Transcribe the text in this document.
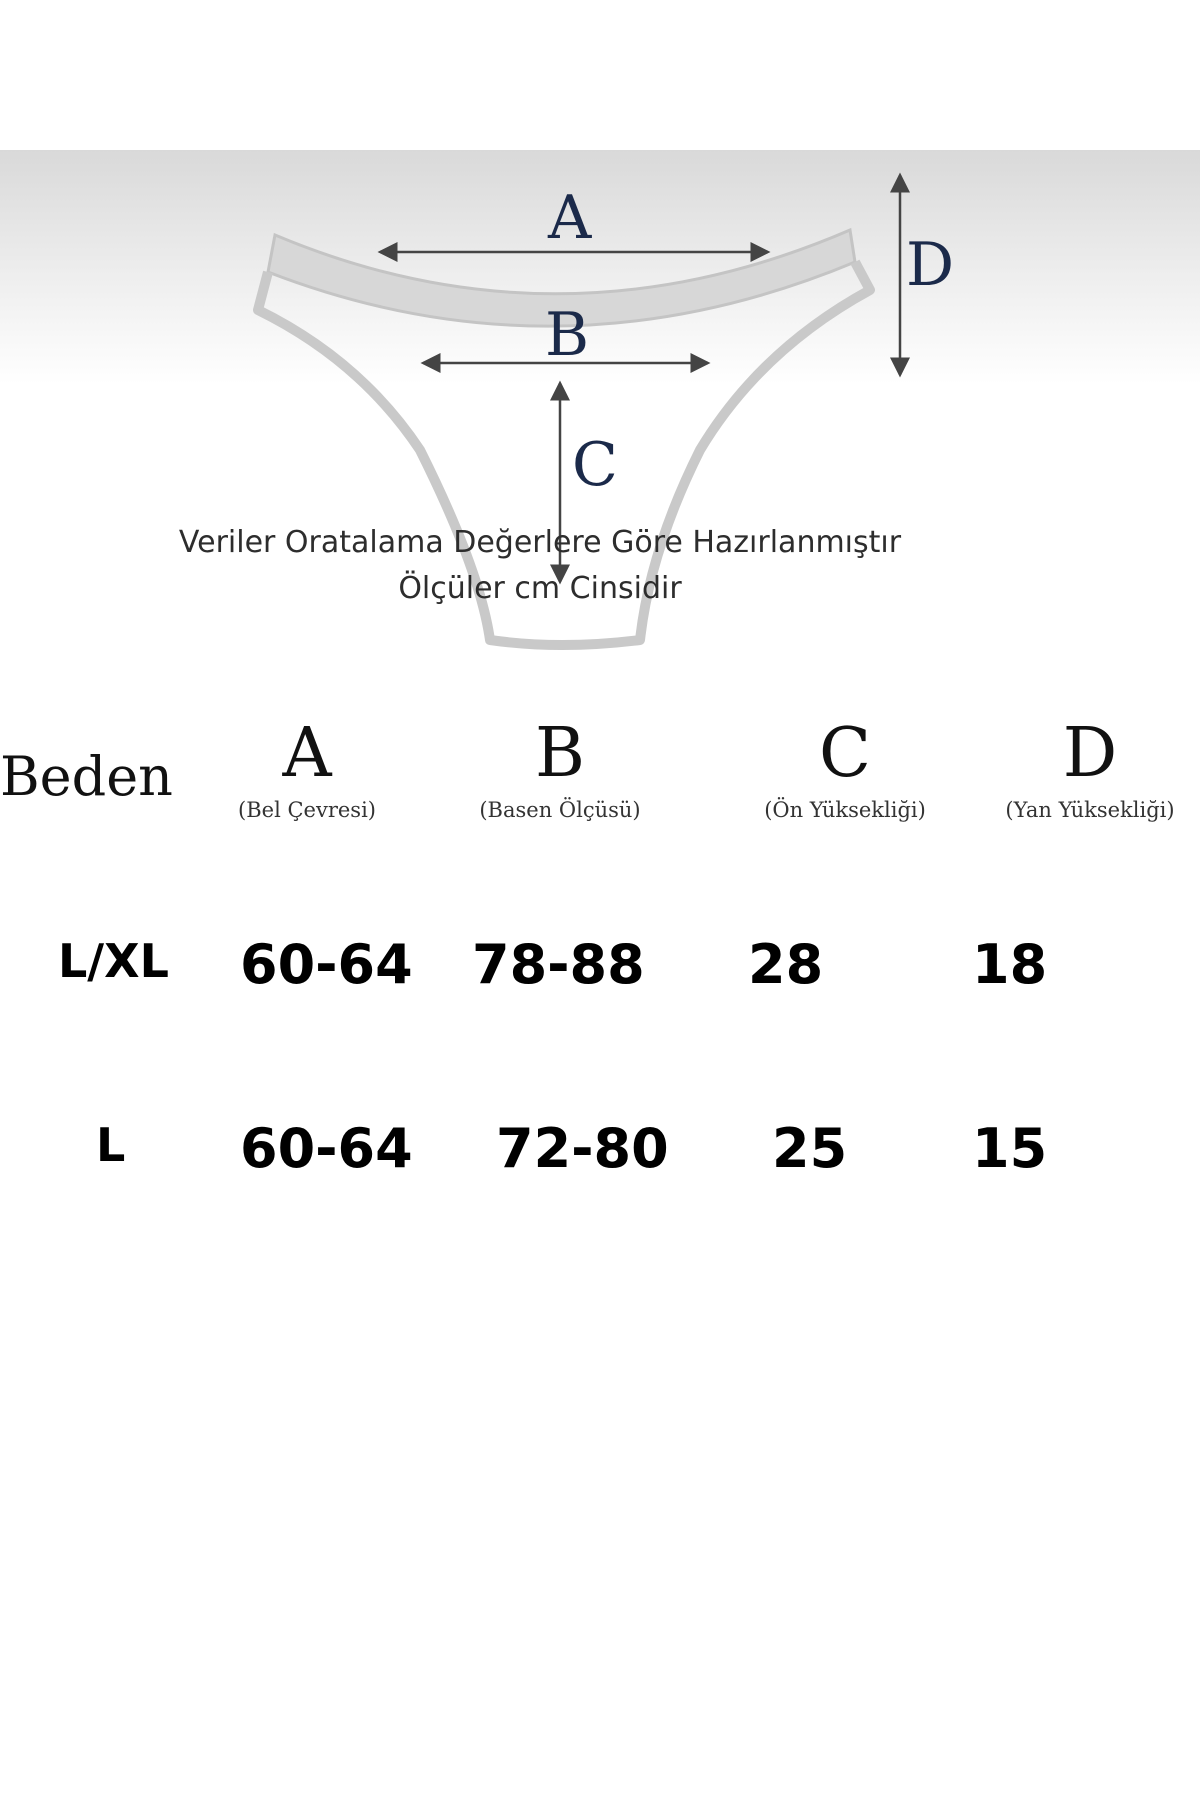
A
B
C
D
Veriler Oratalama Değerlere Göre Hazırlanmıştır
Ölçüler cm Cinsidir
Beden	A
(Bel Çevresi)
B
(Basen Ölçüsü)
C
(Ön Yüksekliği)
D
(Yan Yüksekliği)
L/XL 60-64 78-88 28	18
L 60-64 72-80 25 15
